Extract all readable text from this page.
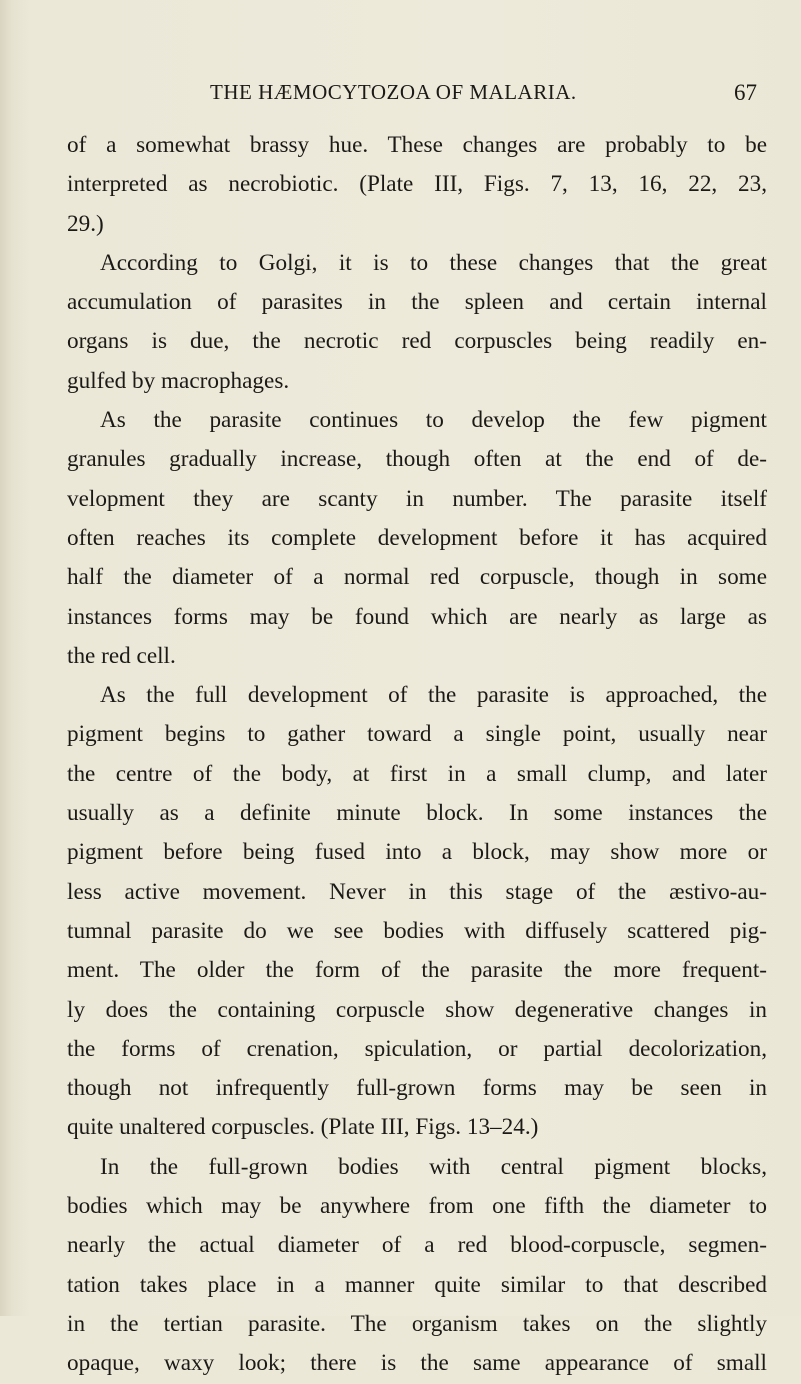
THE HÆMOCYTOZOA OF MALARIA.	67
of a somewhat brassy hue. These changes are probably to be
interpreted as necrobiotic. (Plate III, Figs. 7, 13, 16, 22, 23,
29.)
According to Golgi, it is to these changes that the great
accumulation of parasites in the spleen and certain internal
organs is due, the necrotic red corpuscles being readily en-
gulfed by macrophages.
As the parasite continues to develop the few pigment
granules gradually increase, though often at the end of de-
velopment they are scanty in number. The parasite itself
often reaches its complete development before it has acquired
half the diameter of a normal red corpuscle, though in some
instances forms may be found which are nearly as large as
the red cell.
As the full development of the parasite is approached, the
pigment begins to gather toward a single point, usually near
the centre of the body, at first in a small clump, and later
usually as a definite minute block. In some instances the
pigment before being fused into a block, may show more or
less active movement. Never in this stage of the æstivo-au-
tumnal parasite do we see bodies with diffusely scattered pig-
ment. The older the form of the parasite the more frequent-
ly does the containing corpuscle show degenerative changes in
the forms of crenation, spiculation, or partial decolorization,
though not infrequently full-grown forms may be seen in
quite unaltered corpuscles. (Plate III, Figs. 13–24.)
In the full-grown bodies with central pigment blocks,
bodies which may be anywhere from one fifth the diameter to
nearly the actual diameter of a red blood-corpuscle, segmen-
tation takes place in a manner quite similar to that described
in the tertian parasite. The organism takes on the slightly
opaque, waxy look; there is the same appearance of small
